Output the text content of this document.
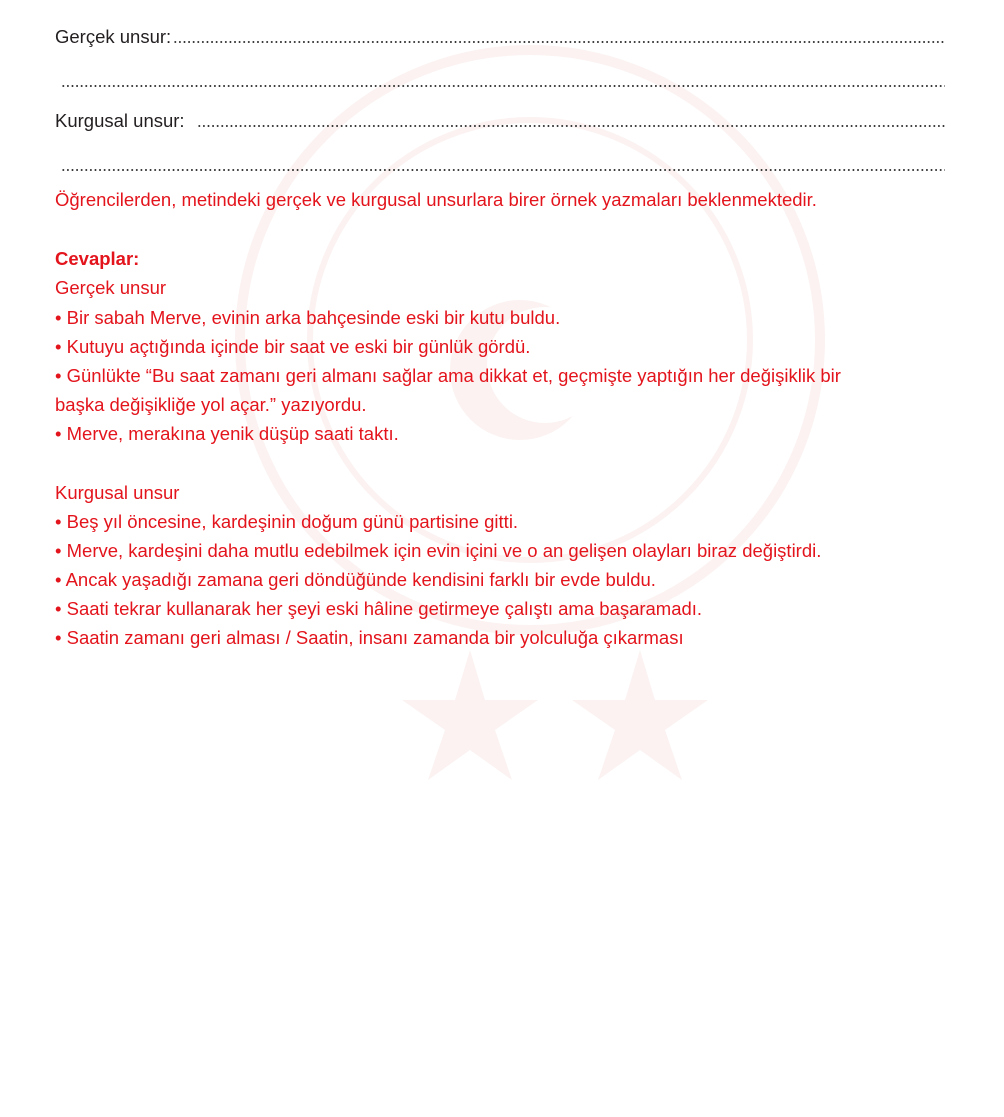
Gerçek unsur:
Kurgusal unsur:
Öğrencilerden, metindeki gerçek ve kurgusal unsurlara birer örnek yazmaları beklenmektedir.
Cevaplar:
Gerçek unsur
• Bir sabah Merve, evinin arka bahçesinde eski bir kutu buldu.
• Kutuyu açtığında içinde bir saat ve eski bir günlük gördü.
• Günlükte “Bu saat zamanı geri almanı sağlar ama dikkat et, geçmişte yaptığın her değişiklik bir
başka değişikliğe yol açar.” yazıyordu.
• Merve, merakına yenik düşüp saati taktı.
Kurgusal unsur
• Beş yıl öncesine, kardeşinin doğum günü partisine gitti.
• Merve, kardeşini daha mutlu edebilmek için evin içini ve o an gelişen olayları biraz değiştirdi.
• Ancak yaşadığı zamana geri döndüğünde kendisini farklı bir evde buldu.
• Saati tekrar kullanarak her şeyi eski hâline getirmeye çalıştı ama başaramadı.
• Saatin zamanı geri alması / Saatin, insanı zamanda bir yolculuğa çıkarması
